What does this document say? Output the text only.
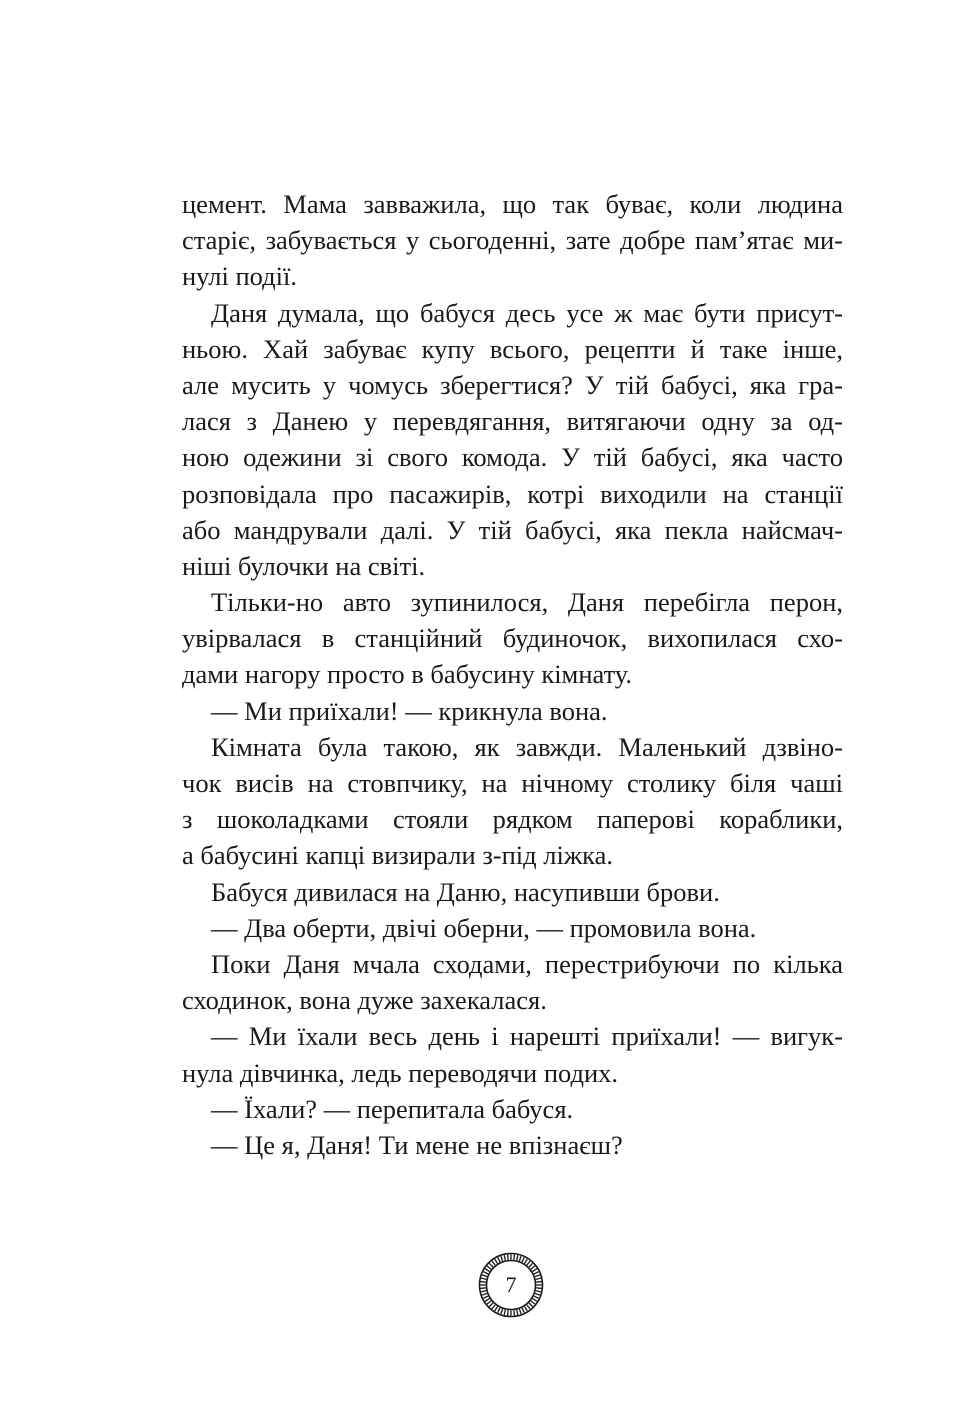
цемент. Мама завважила, що так буває, коли людина
старіє, забувається у сьогоденні, зате добре пам’ятає ми-
нулі події.
Даня думала, що бабуся десь усе ж має бути присут-
ньою. Хай забуває купу всього, рецепти й таке інше,
але мусить у чомусь зберегтися? У тій бабусі, яка гра-
лася з Данею у перевдягання, витягаючи одну за од-
ною одежини зі свого комода. У тій бабусі, яка часто
розповідала про пасажирів, котрі виходили на станції
або мандрували далі. У тій бабусі, яка пекла найсмач-
ніші булочки на світі.
Тільки-но авто зупинилося, Даня перебігла перон,
увірвалася в станційний будиночок, вихопилася схо-
дами нагору просто в бабусину кімнату.
— Ми приїхали! — крикнула вона.
Кімната була такою, як завжди. Маленький дзвіно-
чок висів на стовпчику, на нічному столику біля чаші
з шоколадками стояли рядком паперові кораблики,
а бабусині капці визирали з-під ліжка.
Бабуся дивилася на Даню, насупивши брови.
— Два оберти, двічі оберни, — промовила вона.
Поки Даня мчала сходами, перестрибуючи по кілька
сходинок, вона дуже захекалася.
— Ми їхали весь день і нарешті приїхали! — вигук-
нула дівчинка, ледь переводячи подих.
— Їхали? — перепитала бабуся.
— Це я, Даня! Ти мене не впізнаєш?
7
